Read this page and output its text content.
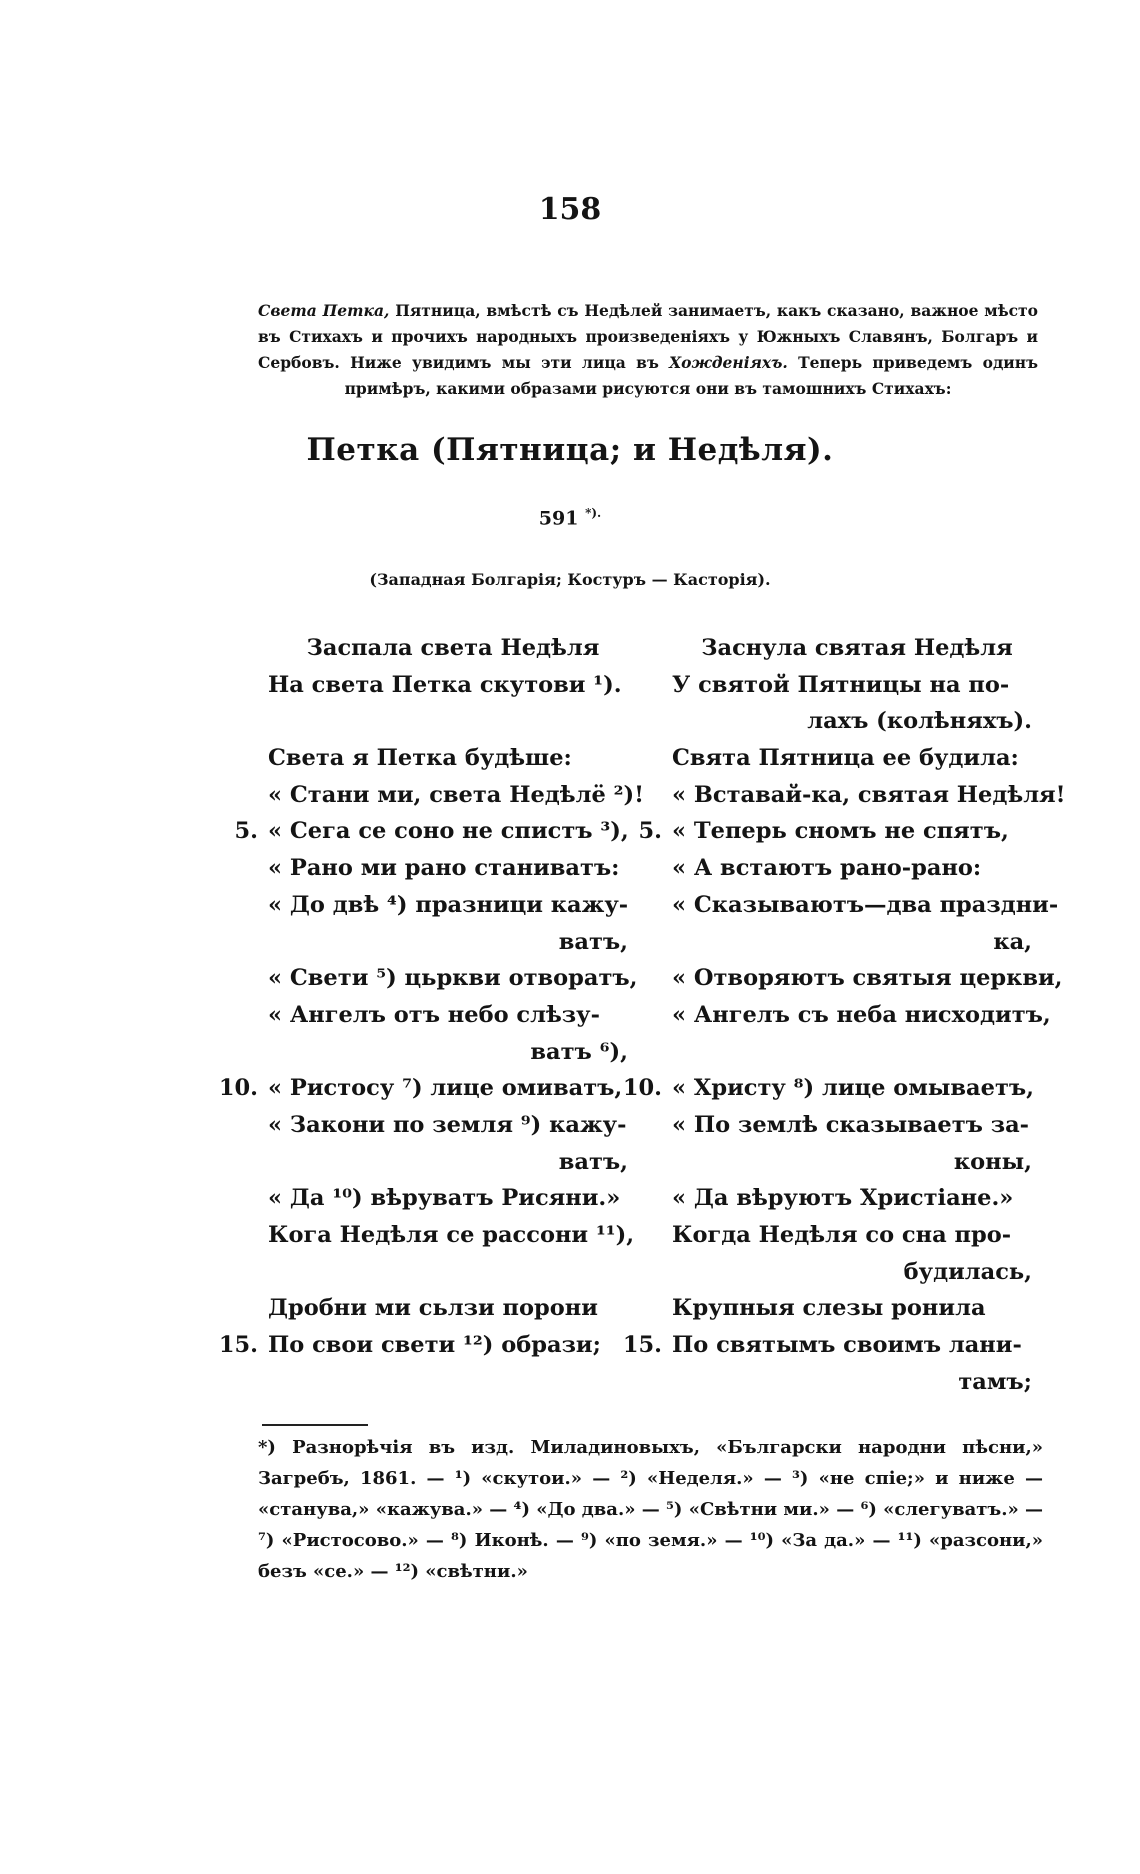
158
Света Петка, Пятница, вмѣстѣ съ Недѣлей занимаетъ, какъ сказано, важное мѣсто въ Стихахъ и прочихъ народныхъ произведеніяхъ у Южныхъ Славянъ, Болгаръ и Сербовъ. Ниже увидимъ мы эти лица въ Хожденіяхъ. Теперь приведемъ одинъ примѣръ, какими образами рисуются они въ тамошнихъ Стихахъ:
Петка (Пятница; и Недѣля).
591 *).
(Западная Болгарія; Костуръ — Касторія).
Заспала света Недѣля
На света Петка скутови ¹).
Света я Петка будѣше:
« Стани ми, света Недѣлё ²)!
5. « Сега се соно не спистъ ³),
« Рано ми рано станиватъ:
« До двѣ ⁴) празници кажу-
ватъ,
« Свети ⁵) цьркви отворатъ,
« Ангелъ отъ небо слѣзу-
ватъ ⁶),
10. « Ристосу ⁷) лице омиватъ,
« Закони по земля ⁹) кажу-
ватъ,
« Да ¹⁰) вѣруватъ Рисяни.»
Кога Недѣля се рассони ¹¹),
Дробни ми сьлзи порони
15. По свои свети ¹²) образи;
Заснула святая Недѣля
У святой Пятницы на по-
лахъ (колѣняхъ).
Свята Пятница ее будила:
« Вставай-ка, святая Недѣля!
5. « Теперь сномъ не спятъ,
« А встаютъ рано-рано:
« Сказываютъ—два праздни-
ка,
« Отворяютъ святыя церкви,
« Ангелъ съ неба нисходитъ,
10. « Христу ⁸) лице омываетъ,
« По землѣ сказываетъ за-
коны,
« Да вѣруютъ Христiане.»
Когда Недѣля со сна про-
будилась,
Крупныя слезы ронила
15. По святымъ своимъ лани-
тамъ;
*) Разнорѣчія въ изд. Миладиновыхъ, «Български народни пѣсни,» Загребъ, 1861. — ¹) «скутои.» — ²) «Неделя.» — ³) «не спiе;» и ниже — «станува,» «кажува.» — ⁴) «До два.» — ⁵) «Свѣтни ми.» — ⁶) «слегуватъ.» — ⁷) «Ристосово.» — ⁸) Иконѣ. — ⁹) «по земя.» — ¹⁰) «За да.» — ¹¹) «разсони,» безъ «се.» — ¹²) «свѣтни.»
